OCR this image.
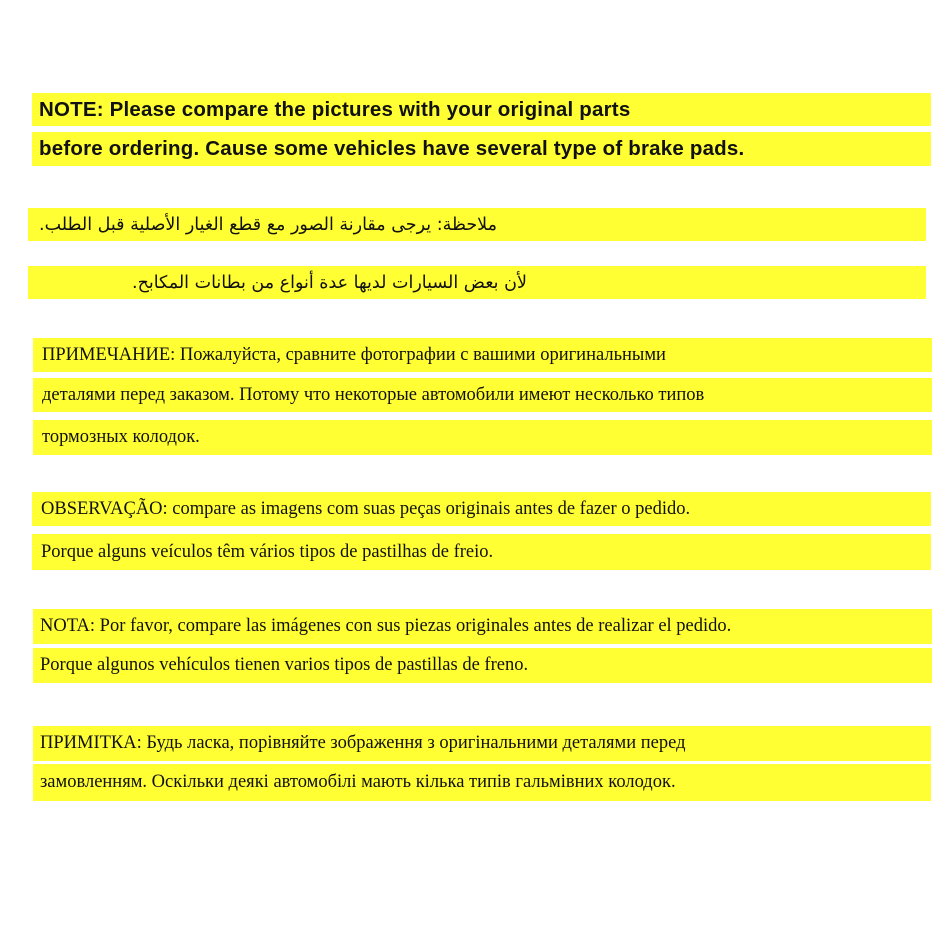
NOTE: Please compare the pictures with your original parts
before ordering. Cause some vehicles have several type of brake pads.
ملاحظة: يرجى مقارنة الصور مع قطع الغيار الأصلية قبل الطلب.
لأن بعض السيارات لديها عدة أنواع من بطانات المكابح.
ПРИМЕЧАНИЕ: Пожалуйста, сравните фотографии с вашими оригинальными
деталями перед заказом. Потому что некоторые автомобили имеют несколько типов
тормозных колодок.
OBSERVAÇÃO: compare as imagens com suas peças originais antes de fazer o pedido.
Porque alguns veículos têm vários tipos de pastilhas de freio.
NOTA: Por favor, compare las imágenes con sus piezas originales antes de realizar el pedido.
Porque algunos vehículos tienen varios tipos de pastillas de freno.
ПРИМІТКА: Будь ласка, порівняйте зображення з оригінальними деталями перед
замовленням. Оскільки деякі автомобілі мають кілька типів гальмівних колодок.
